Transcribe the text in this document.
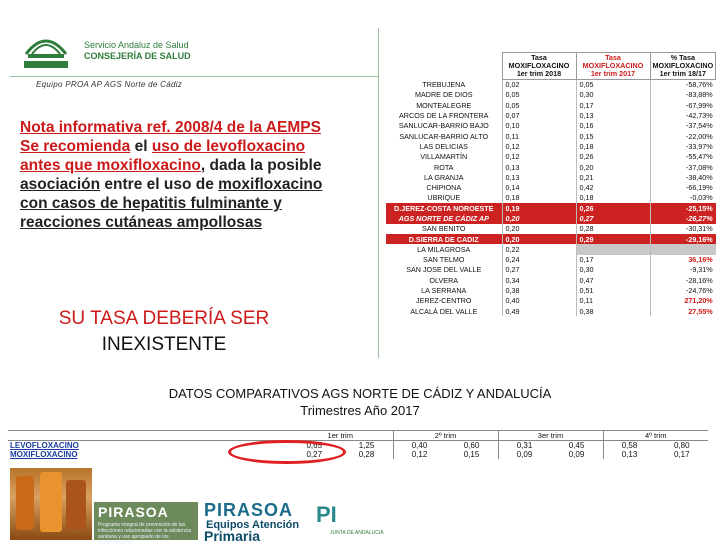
Servicio Andaluz de Salud
CONSEJERÍA DE SALUD
Equipo PROA AP AGS Norte de Cádiz
Nota informativa ref. 2008/4 de la AEMPS
Se recomienda el uso de levofloxacino
antes que moxifloxacino, dada la posible
asociación entre el uso de moxifloxacino
con casos de hepatitis fulminante y
reacciones cutáneas ampollosas
SU TASA DEBERÍA SER
INEXISTENTE
	Tasa
MOXIFLOXACINO
1er trim 2018	Tasa
MOXIFLOXACINO
1er trim 2017	% Tasa
MOXIFLOXACINO
1er trim 18/17
TREBUJENA	0,02	0,05	-58,76%
MADRE DE DIOS	0,05	0,30	-83,88%
MONTEALEGRE	0,05	0,17	-67,99%
ARCOS DE LA FRONTERA	0,07	0,13	-42,73%
SANLUCAR-BARRIO BAJO	0,10	0,16	-37,54%
SANLUCAR-BARRIO ALTO	0,11	0,15	-22,00%
LAS DELICIAS	0,12	0,18	-33,97%
VILLAMARTÍN	0,12	0,26	-55,47%
ROTA	0,13	0,20	-37,08%
LA GRANJA	0,13	0,21	-38,40%
CHIPIONA	0,14	0,42	-66,19%
UBRIQUE	0,18	0,18	-0,03%
D.JEREZ-COSTA NOROESTE	0,19	0,26	-25,15%
AGS NORTE DE CÁDIZ AP	0,20	0,27	-26,27%
SAN BENITO	0,20	0,28	-30,31%
D.SIERRA DE CADIZ	0,20	0,29	-29,16%
LA MILAGROSA	0,22		
SAN TELMO	0,24	0,17	36,16%
SAN JOSE DEL VALLE	0,27	0,30	-9,31%
OLVERA	0,34	0,47	-28,16%
LA SERRANA	0,38	0,51	-24,76%
JEREZ-CENTRO	0,40	0,11	271,20%
ALCALÁ DEL VALLE	0,49	0,38	27,55%
DATOS COMPARATIVOS AGS NORTE DE CÁDIZ Y ANDALUCÍA
Trimestres Año 2017
	1er trim		2º trim		3er trim		4º trim	
LEVOFLOXACINO	0,65	1,25	0,40	0,60	0,31	0,45	0,58	0,80
MOXIFLOXACINO	0,27	0,28	0,12	0,15	0,09	0,09	0,13	0,17
PIRASOA
Programa integral de prevención de las infecciones relacionadas con la asistencia sanitaria y uso apropiado de los antimicrobianos
PIRASOA
Equipos Atención
Primaria
PI
JUNTA DE ANDALUCIA
